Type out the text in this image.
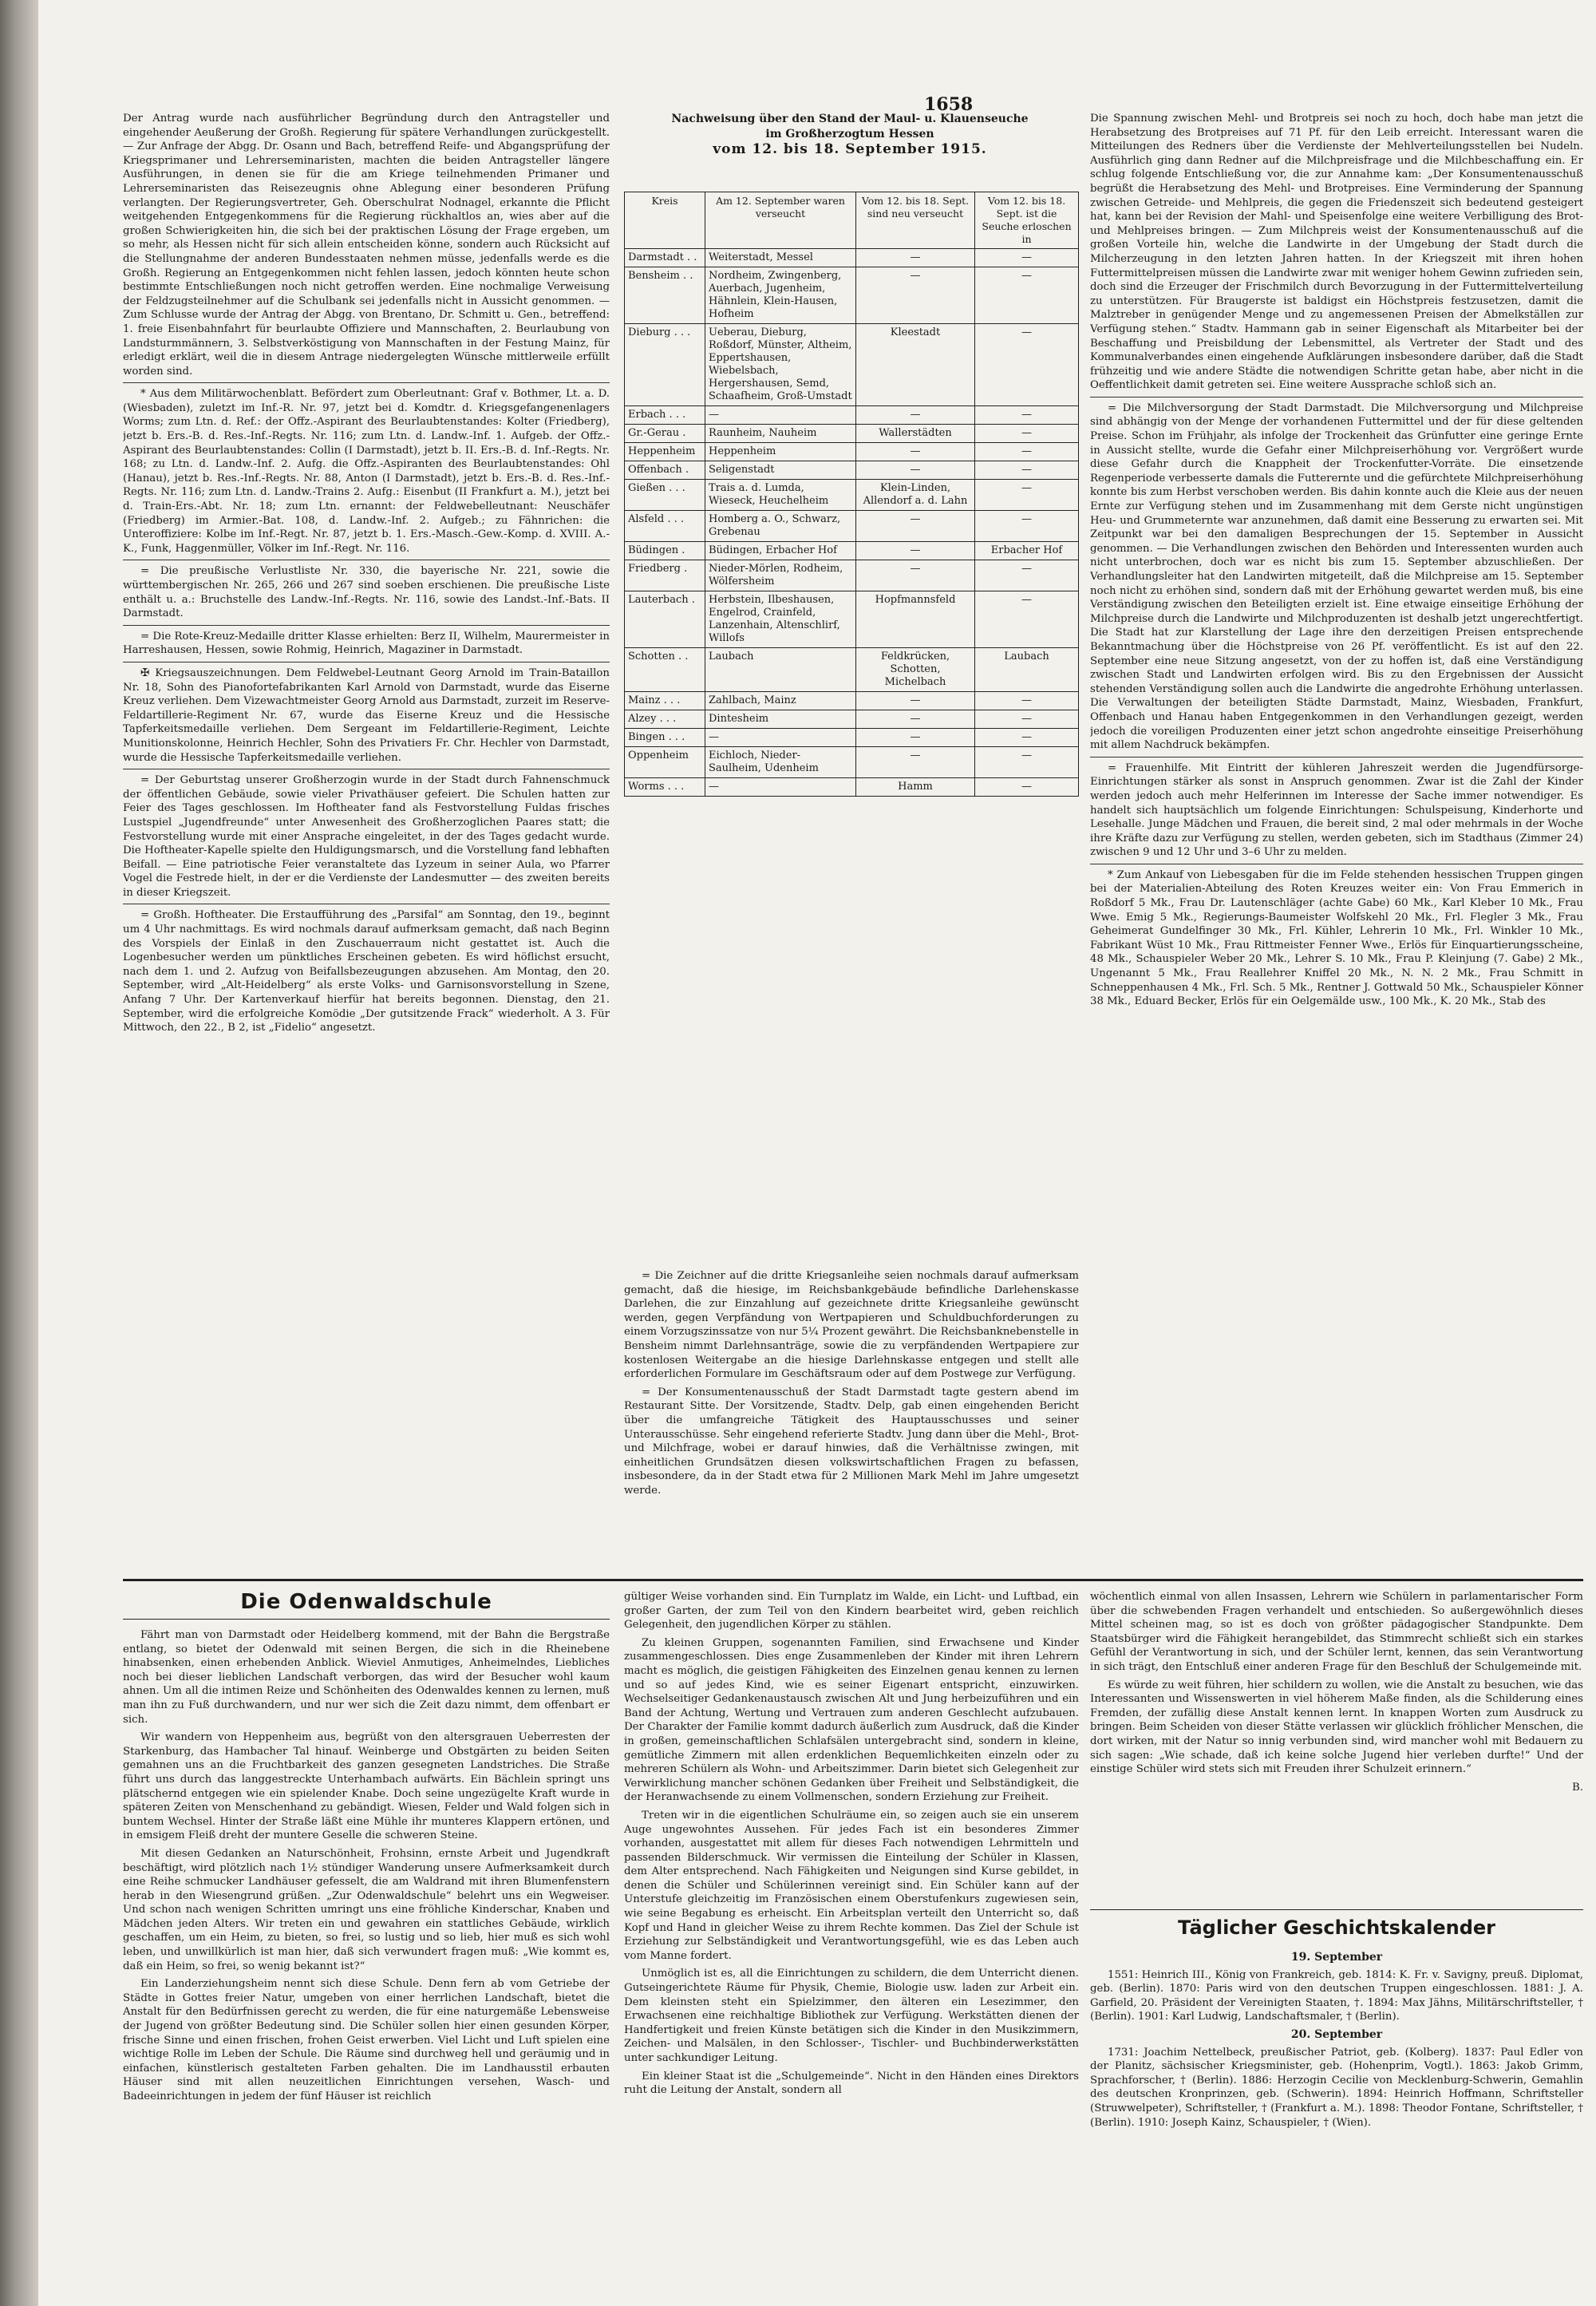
1658

Der Antrag wurde nach ausführlicher Begründung durch den Antragsteller und eingehender Aeußerung der Großh. Regierung für spätere Verhandlungen zurückgestellt. — Zur Anfrage der Abgg. Dr. Osann und Bach, betreffend Reife- und Abgangsprüfung der Kriegsprimaner und Lehrerseminaristen, machten die beiden Antragsteller längere Ausführungen, in denen sie für die am Kriege teilnehmenden Primaner und Lehrerseminaristen das Reisezeugnis ohne Ablegung einer besonderen Prüfung verlangten. Der Regierungsvertreter, Geh. Oberschulrat Nodnagel, erkannte die Pflicht weitgehenden Entgegenkommens für die Regierung rückhaltlos an, wies aber auf die großen Schwierigkeiten hin, die sich bei der praktischen Lösung der Frage ergeben, um so mehr, als Hessen nicht für sich allein entscheiden könne, sondern auch Rücksicht auf die Stellungnahme der anderen Bundesstaaten nehmen müsse, jedenfalls werde es die Großh. Regierung an Entgegenkommen nicht fehlen lassen, jedoch könnten heute schon bestimmte Entschließungen noch nicht getroffen werden. Eine nochmalige Verweisung der Feldzugsteilnehmer auf die Schulbank sei jedenfalls nicht in Aussicht genommen. — Zum Schlusse wurde der Antrag der Abgg. von Brentano, Dr. Schmitt u. Gen., betreffend: 1. freie Eisenbahnfahrt für beurlaubte Offiziere und Mannschaften, 2. Beurlaubung von Landsturmmännern, 3. Selbstverköstigung von Mannschaften in der Festung Mainz, für erledigt erklärt, weil die in diesem Antrage niedergelegten Wünsche mittlerweile erfüllt worden sind.

* Aus dem Militärwochenblatt. Befördert zum Oberleutnant: Graf v. Bothmer, Lt. a. D. (Wiesbaden), zuletzt im Inf.-R. Nr. 97, jetzt bei d. Komdtr. d. Kriegsgefangenenlagers Worms; zum Ltn. d. Ref.: der Offz.-Aspirant des Beurlaubtenstandes: Kolter (Friedberg), jetzt b. Ers.-B. d. Res.-Inf.-Regts. Nr. 116; zum Ltn. d. Landw.-Inf. 1. Aufgeb. der Offz.-Aspirant des Beurlaubtenstandes: Collin (I Darmstadt), jetzt b. II. Ers.-B. d. Inf.-Regts. Nr. 168; zu Ltn. d. Landw.-Inf. 2. Aufg. die Offz.-Aspiranten des Beurlaubtenstandes: Ohl (Hanau), jetzt b. Res.-Inf.-Regts. Nr. 88, Anton (I Darmstadt), jetzt b. Ers.-B. d. Res.-Inf.-Regts. Nr. 116; zum Ltn. d. Landw.-Trains 2. Aufg.: Eisenbut (II Frankfurt a. M.), jetzt bei d. Train-Ers.-Abt. Nr. 18; zum Ltn. ernannt: der Feldwebelleutnant: Neuschäfer (Friedberg) im Armier.-Bat. 108, d. Landw.-Inf. 2. Aufgeb.; zu Fähnrichen: die Unteroffiziere: Kolbe im Inf.-Regt. Nr. 87, jetzt b. 1. Ers.-Masch.-Gew.-Komp. d. XVIII. A.-K., Funk, Haggenmüller, Völker im Inf.-Regt. Nr. 116.

= Die preußische Verlustliste Nr. 330, die bayerische Nr. 221, sowie die württembergischen Nr. 265, 266 und 267 sind soeben erschienen. Die preußische Liste enthält u. a.: Bruchstelle des Landw.-Inf.-Regts. Nr. 116, sowie des Landst.-Inf.-Bats. II Darmstadt.

= Die Rote-Kreuz-Medaille dritter Klasse erhielten: Berz II, Wilhelm, Maurermeister in Harreshausen, Hessen, sowie Rohmig, Heinrich, Magaziner in Darmstadt.

✠ Kriegsauszeichnungen. Dem Feldwebel-Leutnant Georg Arnold im Train-Bataillon Nr. 18, Sohn des Pianofortefabrikanten Karl Arnold von Darmstadt, wurde das Eiserne Kreuz verliehen. Dem Vizewachtmeister Georg Arnold aus Darmstadt, zurzeit im Reserve-Feldartillerie-Regiment Nr. 67, wurde das Eiserne Kreuz und die Hessische Tapferkeitsmedaille verliehen. Dem Sergeant im Feldartillerie-Regiment, Leichte Munitionskolonne, Heinrich Hechler, Sohn des Privatiers Fr. Chr. Hechler von Darmstadt, wurde die Hessische Tapferkeitsmedaille verliehen.

= Der Geburtstag unserer Großherzogin wurde in der Stadt durch Fahnenschmuck der öffentlichen Gebäude, sowie vieler Privathäuser gefeiert. Die Schulen hatten zur Feier des Tages geschlossen. Im Hoftheater fand als Festvorstellung Fuldas frisches Lustspiel „Jugendfreunde“ unter Anwesenheit des Großherzoglichen Paares statt; die Festvorstellung wurde mit einer Ansprache eingeleitet, in der des Tages gedacht wurde. Die Hoftheater-Kapelle spielte den Huldigungsmarsch, und die Vorstellung fand lebhaften Beifall. — Eine patriotische Feier veranstaltete das Lyzeum in seiner Aula, wo Pfarrer Vogel die Festrede hielt, in der er die Verdienste der Landesmutter — des zweiten bereits in dieser Kriegszeit.

= Großh. Hoftheater. Die Erstaufführung des „Parsifal“ am Sonntag, den 19., beginnt um 4 Uhr nachmittags. Es wird nochmals darauf aufmerksam gemacht, daß nach Beginn des Vorspiels der Einlaß in den Zuschauerraum nicht gestattet ist. Auch die Logenbesucher werden um pünktliches Erscheinen gebeten. Es wird höflichst ersucht, nach dem 1. und 2. Aufzug von Beifallsbezeugungen abzusehen. Am Montag, den 20. September, wird „Alt-Heidelberg“ als erste Volks- und Garnisonsvorstellung in Szene, Anfang 7 Uhr. Der Kartenverkauf hierfür hat bereits begonnen. Dienstag, den 21. September, wird die erfolgreiche Komödie „Der gutsitzende Frack“ wiederholt. A 3. Für Mittwoch, den 22., B 2, ist „Fidelio“ angesetzt.

Nachweisung über den Stand der Maul- u. Klauenseuche
im Großherzogtum Hessen
vom 12. bis 18. September 1915.
Kreis	Am 12. September waren verseucht	Vom 12. bis 18. Sept. sind neu verseucht	Vom 12. bis 18. Sept. ist die Seuche erloschen in
Darmstadt . .	Weiterstadt, Messel	—	—
Bensheim . .	Nordheim, Zwingenberg, Auerbach, Jugenheim, Hähnlein, Klein-Hausen, Hofheim	—	—
Dieburg . . .	Ueberau, Dieburg, Roßdorf, Münster, Altheim, Eppertshausen, Wiebelsbach, Hergershausen, Semd, Schaafheim, Groß-Umstadt	Kleestadt	—
Erbach . . .	—	—	—
Gr.-Gerau .	Raunheim, Nauheim	Wallerstädten	—
Heppenheim	Heppenheim	—	—
Offenbach .	Seligenstadt	—	—
Gießen . . .	Trais a. d. Lumda, Wieseck, Heuchelheim	Klein-Linden, Allendorf a. d. Lahn	—
Alsfeld . . .	Homberg a. O., Schwarz, Grebenau	—	—
Büdingen .	Büdingen, Erbacher Hof	—	Erbacher Hof
Friedberg .	Nieder-Mörlen, Rodheim, Wölfersheim	—	—
Lauterbach .	Herbstein, Ilbeshausen, Engelrod, Crainfeld, Lanzenhain, Altenschlirf, Willofs	Hopfmannsfeld	—
Schotten . .	Laubach	Feldkrücken, Schotten, Michelbach	Laubach
Mainz . . .	Zahlbach, Mainz	—	—
Alzey . . .	Dintesheim	—	—
Bingen . . .	—	—	—
Oppenheim	Eichloch, Nieder-Saulheim, Udenheim	—	—
Worms . . .	—	Hamm	—

= Die Zeichner auf die dritte Kriegsanleihe seien nochmals darauf aufmerksam gemacht, daß die hiesige, im Reichsbankgebäude befindliche Darlehenskasse Darlehen, die zur Einzahlung auf gezeichnete dritte Kriegsanleihe gewünscht werden, gegen Verpfändung von Wertpapieren und Schuldbuchforderungen zu einem Vorzugszinssatze von nur 5¼ Prozent gewährt. Die Reichsbanknebenstelle in Bensheim nimmt Darlehnsanträge, sowie die zu verpfändenden Wertpapiere zur kostenlosen Weitergabe an die hiesige Darlehnskasse entgegen und stellt alle erforderlichen Formulare im Geschäftsraum oder auf dem Postwege zur Verfügung.

= Der Konsumentenausschuß der Stadt Darmstadt tagte gestern abend im Restaurant Sitte. Der Vorsitzende, Stadtv. Delp, gab einen eingehenden Bericht über die umfangreiche Tätigkeit des Hauptausschusses und seiner Unterausschüsse. Sehr eingehend referierte Stadtv. Jung dann über die Mehl-, Brot- und Milchfrage, wobei er darauf hinwies, daß die Verhältnisse zwingen, mit einheitlichen Grundsätzen diesen volkswirtschaftlichen Fragen zu befassen, insbesondere, da in der Stadt etwa für 2 Millionen Mark Mehl im Jahre umgesetzt werde.

Die Spannung zwischen Mehl- und Brotpreis sei noch zu hoch, doch habe man jetzt die Herabsetzung des Brotpreises auf 71 Pf. für den Leib erreicht. Interessant waren die Mitteilungen des Redners über die Verdienste der Mehlverteilungsstellen bei Nudeln. Ausführlich ging dann Redner auf die Milchpreisfrage und die Milchbeschaffung ein. Er schlug folgende Entschließung vor, die zur Annahme kam: „Der Konsumentenausschuß begrüßt die Herabsetzung des Mehl- und Brotpreises. Eine Verminderung der Spannung zwischen Getreide- und Mehlpreis, die gegen die Friedenszeit sich bedeutend gesteigert hat, kann bei der Revision der Mahl- und Speisenfolge eine weitere Verbilligung des Brot- und Mehlpreises bringen. — Zum Milchpreis weist der Konsumentenausschuß auf die großen Vorteile hin, welche die Landwirte in der Umgebung der Stadt durch die Milcherzeugung in den letzten Jahren hatten. In der Kriegszeit mit ihren hohen Futtermittelpreisen müssen die Landwirte zwar mit weniger hohem Gewinn zufrieden sein, doch sind die Erzeuger der Frischmilch durch Bevorzugung in der Futtermittelverteilung zu unterstützen. Für Braugerste ist baldigst ein Höchstpreis festzusetzen, damit die Malztreber in genügender Menge und zu angemessenen Preisen der Abmelkställen zur Verfügung stehen.“ Stadtv. Hammann gab in seiner Eigenschaft als Mitarbeiter bei der Beschaffung und Preisbildung der Lebensmittel, als Vertreter der Stadt und des Kommunalverbandes einen eingehende Aufklärungen insbesondere darüber, daß die Stadt frühzeitig und wie andere Städte die notwendigen Schritte getan habe, aber nicht in die Oeffentlichkeit damit getreten sei. Eine weitere Aussprache schloß sich an.

= Die Milchversorgung der Stadt Darmstadt. Die Milchversorgung und Milchpreise sind abhängig von der Menge der vorhandenen Futtermittel und der für diese geltenden Preise. Schon im Frühjahr, als infolge der Trockenheit das Grünfutter eine geringe Ernte in Aussicht stellte, wurde die Gefahr einer Milchpreiserhöhung vor. Vergrößert wurde diese Gefahr durch die Knappheit der Trockenfutter-Vorräte. Die einsetzende Regenperiode verbesserte damals die Futterernte und die gefürchtete Milchpreiserhöhung konnte bis zum Herbst verschoben werden. Bis dahin konnte auch die Kleie aus der neuen Ernte zur Verfügung stehen und im Zusammenhang mit dem Gerste nicht ungünstigen Heu- und Grummeternte war anzunehmen, daß damit eine Besserung zu erwarten sei. Mit Zeitpunkt war bei den damaligen Besprechungen der 15. September in Aussicht genommen. — Die Verhandlungen zwischen den Behörden und Interessenten wurden auch nicht unterbrochen, doch war es nicht bis zum 15. September abzuschließen. Der Verhandlungsleiter hat den Landwirten mitgeteilt, daß die Milchpreise am 15. September noch nicht zu erhöhen sind, sondern daß mit der Erhöhung gewartet werden muß, bis eine Verständigung zwischen den Beteiligten erzielt ist. Eine etwaige einseitige Erhöhung der Milchpreise durch die Landwirte und Milchproduzenten ist deshalb jetzt ungerechtfertigt. Die Stadt hat zur Klarstellung der Lage ihre den derzeitigen Preisen entsprechende Bekanntmachung über die Höchstpreise von 26 Pf. veröffentlicht. Es ist auf den 22. September eine neue Sitzung angesetzt, von der zu hoffen ist, daß eine Verständigung zwischen Stadt und Landwirten erfolgen wird. Bis zu den Ergebnissen der Aussicht stehenden Verständigung sollen auch die Landwirte die angedrohte Erhöhung unterlassen. Die Verwaltungen der beteiligten Städte Darmstadt, Mainz, Wiesbaden, Frankfurt, Offenbach und Hanau haben Entgegenkommen in den Verhandlungen gezeigt, werden jedoch die voreiligen Produzenten einer jetzt schon angedrohte einseitige Preiserhöhung mit allem Nachdruck bekämpfen.

= Frauenhilfe. Mit Eintritt der kühleren Jahreszeit werden die Jugendfürsorge-Einrichtungen stärker als sonst in Anspruch genommen. Zwar ist die Zahl der Kinder werden jedoch auch mehr Helferinnen im Interesse der Sache immer notwendiger. Es handelt sich hauptsächlich um folgende Einrichtungen: Schulspeisung, Kinderhorte und Lesehalle. Junge Mädchen und Frauen, die bereit sind, 2 mal oder mehrmals in der Woche ihre Kräfte dazu zur Verfügung zu stellen, werden gebeten, sich im Stadthaus (Zimmer 24) zwischen 9 und 12 Uhr und 3–6 Uhr zu melden.

* Zum Ankauf von Liebesgaben für die im Felde stehenden hessischen Truppen gingen bei der Materialien-Abteilung des Roten Kreuzes weiter ein: Von Frau Emmerich in Roßdorf 5 Mk., Frau Dr. Lautenschläger (achte Gabe) 60 Mk., Karl Kleber 10 Mk., Frau Wwe. Emig 5 Mk., Regierungs-Baumeister Wolfskehl 20 Mk., Frl. Flegler 3 Mk., Frau Geheimerat Gundelfinger 30 Mk., Frl. Kühler, Lehrerin 10 Mk., Frl. Winkler 10 Mk., Fabrikant Wüst 10 Mk., Frau Rittmeister Fenner Wwe., Erlös für Einquartierungsscheine, 48 Mk., Schauspieler Weber 20 Mk., Lehrer S. 10 Mk., Frau P. Kleinjung (7. Gabe) 2 Mk., Ungenannt 5 Mk., Frau Reallehrer Kniffel 20 Mk., N. N. 2 Mk., Frau Schmitt in Schneppenhausen 4 Mk., Frl. Sch. 5 Mk., Rentner J. Gottwald 50 Mk., Schauspieler Könner 38 Mk., Eduard Becker, Erlös für ein Oelgemälde usw., 100 Mk., K. 20 Mk., Stab des

Die Odenwaldschule

Fährt man von Darmstadt oder Heidelberg kommend, mit der Bahn die Bergstraße entlang, so bietet der Odenwald mit seinen Bergen, die sich in die Rheinebene hinabsenken, einen erhebenden Anblick. Wieviel Anmutiges, Anheimelndes, Liebliches noch bei dieser lieblichen Landschaft verborgen, das wird der Besucher wohl kaum ahnen. Um all die intimen Reize und Schönheiten des Odenwaldes kennen zu lernen, muß man ihn zu Fuß durchwandern, und nur wer sich die Zeit dazu nimmt, dem offenbart er sich.

Wir wandern von Heppenheim aus, begrüßt von den altersgrauen Ueberresten der Starkenburg, das Hambacher Tal hinauf. Weinberge und Obstgärten zu beiden Seiten gemahnen uns an die Fruchtbarkeit des ganzen gesegneten Landstriches. Die Straße führt uns durch das langgestreckte Unterhambach aufwärts. Ein Bächlein springt uns plätschernd entgegen wie ein spielender Knabe. Doch seine ungezügelte Kraft wurde in späteren Zeiten von Menschenhand zu gebändigt. Wiesen, Felder und Wald folgen sich in buntem Wechsel. Hinter der Straße läßt eine Mühle ihr munteres Klappern ertönen, und in emsigem Fleiß dreht der muntere Geselle die schweren Steine.

Mit diesen Gedanken an Naturschönheit, Frohsinn, ernste Arbeit und Jugendkraft beschäftigt, wird plötzlich nach 1½ stündiger Wanderung unsere Aufmerksamkeit durch eine Reihe schmucker Landhäuser gefesselt, die am Waldrand mit ihren Blumenfenstern herab in den Wiesengrund grüßen. „Zur Odenwaldschule“ belehrt uns ein Wegweiser. Und schon nach wenigen Schritten umringt uns eine fröhliche Kinderschar, Knaben und Mädchen jeden Alters. Wir treten ein und gewahren ein stattliches Gebäude, wirklich geschaffen, um ein Heim, zu bieten, so frei, so lustig und so lieb, hier muß es sich wohl leben, und unwillkürlich ist man hier, daß sich verwundert fragen muß: „Wie kommt es, daß ein Heim, so frei, so wenig bekannt ist?“

Ein Landerziehungsheim nennt sich diese Schule. Denn fern ab vom Getriebe der Städte in Gottes freier Natur, umgeben von einer herrlichen Landschaft, bietet die Anstalt für den Bedürfnissen gerecht zu werden, die für eine naturgemäße Lebensweise der Jugend von größter Bedeutung sind. Die Schüler sollen hier einen gesunden Körper, frische Sinne und einen frischen, frohen Geist erwerben. Viel Licht und Luft spielen eine wichtige Rolle im Leben der Schule. Die Räume sind durchweg hell und geräumig und in einfachen, künstlerisch gestalteten Farben gehalten. Die im Landhausstil erbauten Häuser sind mit allen neuzeitlichen Einrichtungen versehen, Wasch- und Badeeinrichtungen in jedem der fünf Häuser ist reichlich

gültiger Weise vorhanden sind. Ein Turnplatz im Walde, ein Licht- und Luftbad, ein großer Garten, der zum Teil von den Kindern bearbeitet wird, geben reichlich Gelegenheit, den jugendlichen Körper zu stählen.

Zu kleinen Gruppen, sogenannten Familien, sind Erwachsene und Kinder zusammengeschlossen. Dies enge Zusammenleben der Kinder mit ihren Lehrern macht es möglich, die geistigen Fähigkeiten des Einzelnen genau kennen zu lernen und so auf jedes Kind, wie es seiner Eigenart entspricht, einzuwirken. Wechselseitiger Gedankenaustausch zwischen Alt und Jung herbeizuführen und ein Band der Achtung, Wertung und Vertrauen zum anderen Geschlecht aufzubauen. Der Charakter der Familie kommt dadurch äußerlich zum Ausdruck, daß die Kinder in großen, gemeinschaftlichen Schlafsälen untergebracht sind, sondern in kleine, gemütliche Zimmern mit allen erdenklichen Bequemlichkeiten einzeln oder zu mehreren Schülern als Wohn- und Arbeitszimmer. Darin bietet sich Gelegenheit zur Verwirklichung mancher schönen Gedanken über Freiheit und Selbständigkeit, die der Heranwachsende zu einem Vollmenschen, sondern Erziehung zur Freiheit.

Treten wir in die eigentlichen Schulräume ein, so zeigen auch sie ein unserem Auge ungewohntes Aussehen. Für jedes Fach ist ein besonderes Zimmer vorhanden, ausgestattet mit allem für dieses Fach notwendigen Lehrmitteln und passenden Bilderschmuck. Wir vermissen die Einteilung der Schüler in Klassen, dem Alter entsprechend. Nach Fähigkeiten und Neigungen sind Kurse gebildet, in denen die Schüler und Schülerinnen vereinigt sind. Ein Schüler kann auf der Unterstufe gleichzeitig im Französischen einem Oberstufenkurs zugewiesen sein, wie seine Begabung es erheischt. Ein Arbeitsplan verteilt den Unterricht so, daß Kopf und Hand in gleicher Weise zu ihrem Rechte kommen. Das Ziel der Schule ist Erziehung zur Selbständigkeit und Verantwortungsgefühl, wie es das Leben auch vom Manne fordert.

Unmöglich ist es, all die Einrichtungen zu schildern, die dem Unterricht dienen. Gutseingerichtete Räume für Physik, Chemie, Biologie usw. laden zur Arbeit ein. Dem kleinsten steht ein Spielzimmer, den älteren ein Lesezimmer, den Erwachsenen eine reichhaltige Bibliothek zur Verfügung. Werkstätten dienen der Handfertigkeit und freien Künste betätigen sich die Kinder in den Musikzimmern, Zeichen- und Malsälen, in den Schlosser-, Tischler- und Buchbinderwerkstätten unter sachkundiger Leitung.

Ein kleiner Staat ist die „Schulgemeinde“. Nicht in den Händen eines Direktors ruht die Leitung der Anstalt, sondern all

wöchentlich einmal von allen Insassen, Lehrern wie Schülern in parlamentarischer Form über die schwebenden Fragen verhandelt und entschieden. So außergewöhnlich dieses Mittel scheinen mag, so ist es doch von größter pädagogischer Standpunkte. Dem Staatsbürger wird die Fähigkeit herangebildet, das Stimmrecht schließt sich ein starkes Gefühl der Verantwortung in sich, und der Schüler lernt, kennen, das sein Verantwortung in sich trägt, den Entschluß einer anderen Frage für den Beschluß der Schulgemeinde mit.

Es würde zu weit führen, hier schildern zu wollen, wie die Anstalt zu besuchen, wie das Interessanten und Wissenswerten in viel höherem Maße finden, als die Schilderung eines Fremden, der zufällig diese Anstalt kennen lernt. In knappen Worten zum Ausdruck zu bringen. Beim Scheiden von dieser Stätte verlassen wir glücklich fröhlicher Menschen, die dort wirken, mit der Natur so innig verbunden sind, wird mancher wohl mit Bedauern zu sich sagen: „Wie schade, daß ich keine solche Jugend hier verleben durfte!“ Und der einstige Schüler wird stets sich mit Freuden ihrer Schulzeit erinnern.“

B.
Täglicher Geschichtskalender
19. September

1551: Heinrich III., König von Frankreich, geb. 1814: K. Fr. v. Savigny, preuß. Diplomat, geb. (Berlin). 1870: Paris wird von den deutschen Truppen eingeschlossen. 1881: J. A. Garfield, 20. Präsident der Vereinigten Staaten, †. 1894: Max Jähns, Militärschriftsteller, † (Berlin). 1901: Karl Ludwig, Landschaftsmaler, † (Berlin).

20. September

1731: Joachim Nettelbeck, preußischer Patriot, geb. (Kolberg). 1837: Paul Edler von der Planitz, sächsischer Kriegsminister, geb. (Hohenprim, Vogtl.). 1863: Jakob Grimm, Sprachforscher, † (Berlin). 1886: Herzogin Cecilie von Mecklenburg-Schwerin, Gemahlin des deutschen Kronprinzen, geb. (Schwerin). 1894: Heinrich Hoffmann, Schriftsteller (Struwwelpeter), Schriftsteller, † (Frankfurt a. M.). 1898: Theodor Fontane, Schriftsteller, † (Berlin). 1910: Joseph Kainz, Schauspieler, † (Wien).
